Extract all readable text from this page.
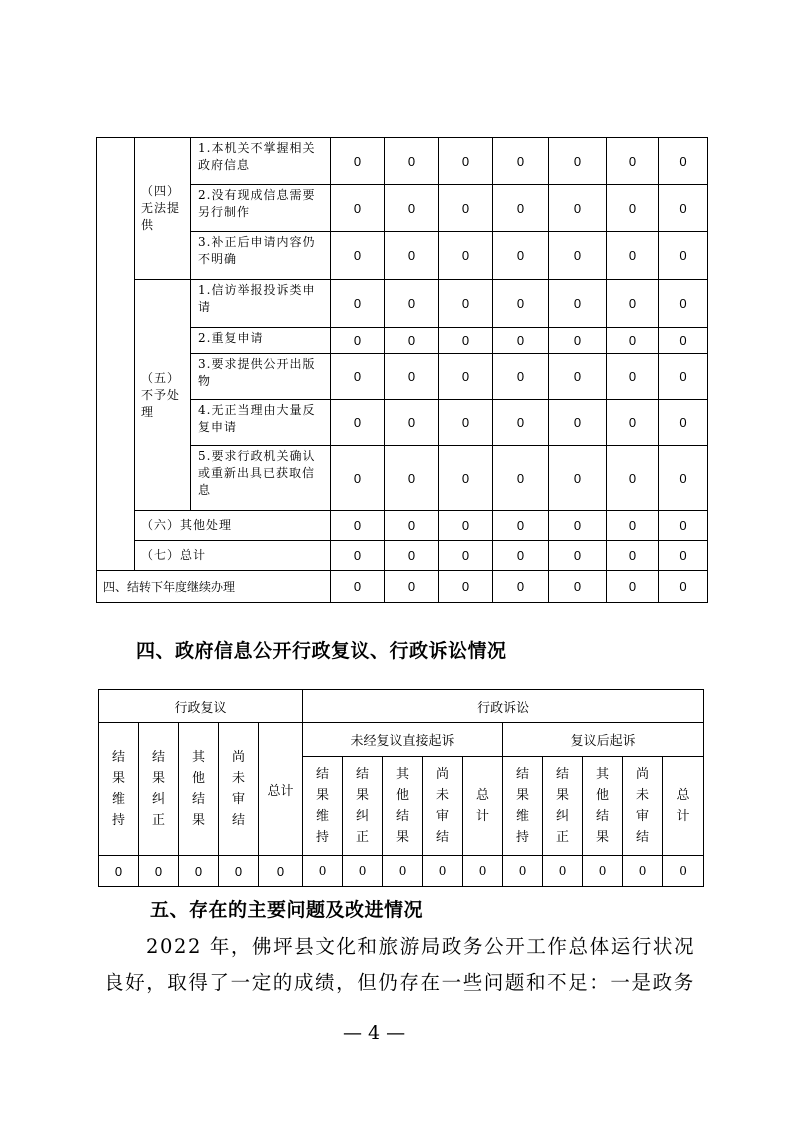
	（四）无法提供	1.本机关不掌握相关政府信息	0	0	0	0	0	0	0
		2.没有现成信息需要另行制作	0	0	0	0	0	0	0
		3.补正后申请内容仍不明确	0	0	0	0	0	0	0
	（五）不予处理	1.信访举报投诉类申请	0	0	0	0	0	0	0
		2.重复申请	0	0	0	0	0	0	0
		3.要求提供公开出版物	0	0	0	0	0	0	0
		4.无正当理由大量反复申请	0	0	0	0	0	0	0
		5.要求行政机关确认或重新出具已获取信息	0	0	0	0	0	0	0
	（六）其他处理		0	0	0	0	0	0	0
	（七）总计		0	0	0	0	0	0	0
四、结转下年度继续办理			0	0	0	0	0	0	0
四、政府信息公开行政复议、行政诉讼情况
行政复议					行政诉讼									
结果维持	结果纠正	其他结果	尚未审结	总计	未经复议直接起诉					复议后起诉				
					结果维持	结果纠正	其他结果	尚未审结	总计	结果维持	结果纠正	其他结果	尚未审结	总计
0	0	0	0	0	0	0	0	0	0	0	0	0	0	0
五、存在的主要问题及改进情况
2022 年，佛坪县文化和旅游局政务公开工作总体运行状况
良好，取得了一定的成绩，但仍存在一些问题和不足：一是政务
— 4 —
